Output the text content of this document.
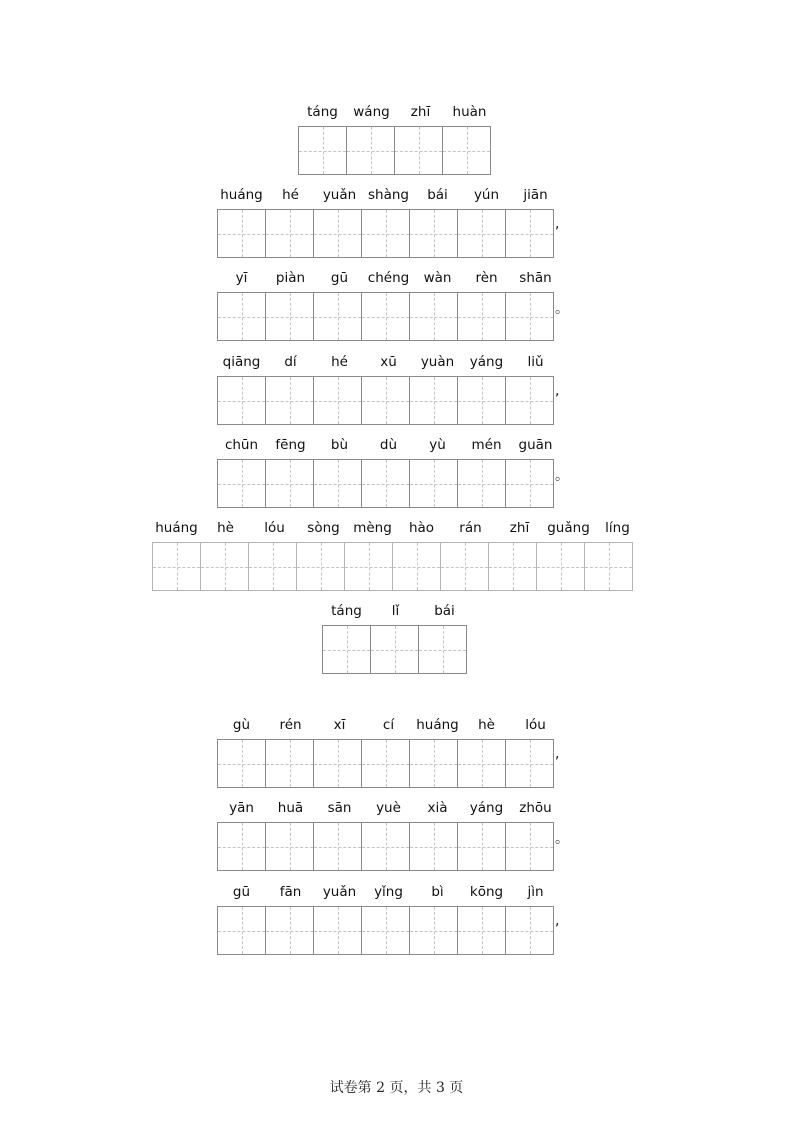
táng	wáng	zhī	huàn
huáng	hé	yuǎn shàng	bái	yún	jiān
,
yī	piàn	gū	chéng	wàn	rèn	shān
。
qiāng	dí	hé	xū	yuàn	yáng	liǔ
,
chūn	fēng	bù	dù	yù	mén	guān
。
huáng	hè	lóu	sòng	mèng	hào	rán	zhī	guǎng	líng
táng	lǐ	bái
gù	rén	xī	cí	huáng	hè	lóu
,
yān	huā	sān	yuè	xià	yáng	zhōu
。
gū	fān	yuǎn	yǐng	bì	kōng	jìn
,
试卷第 2 页，共 3 页
